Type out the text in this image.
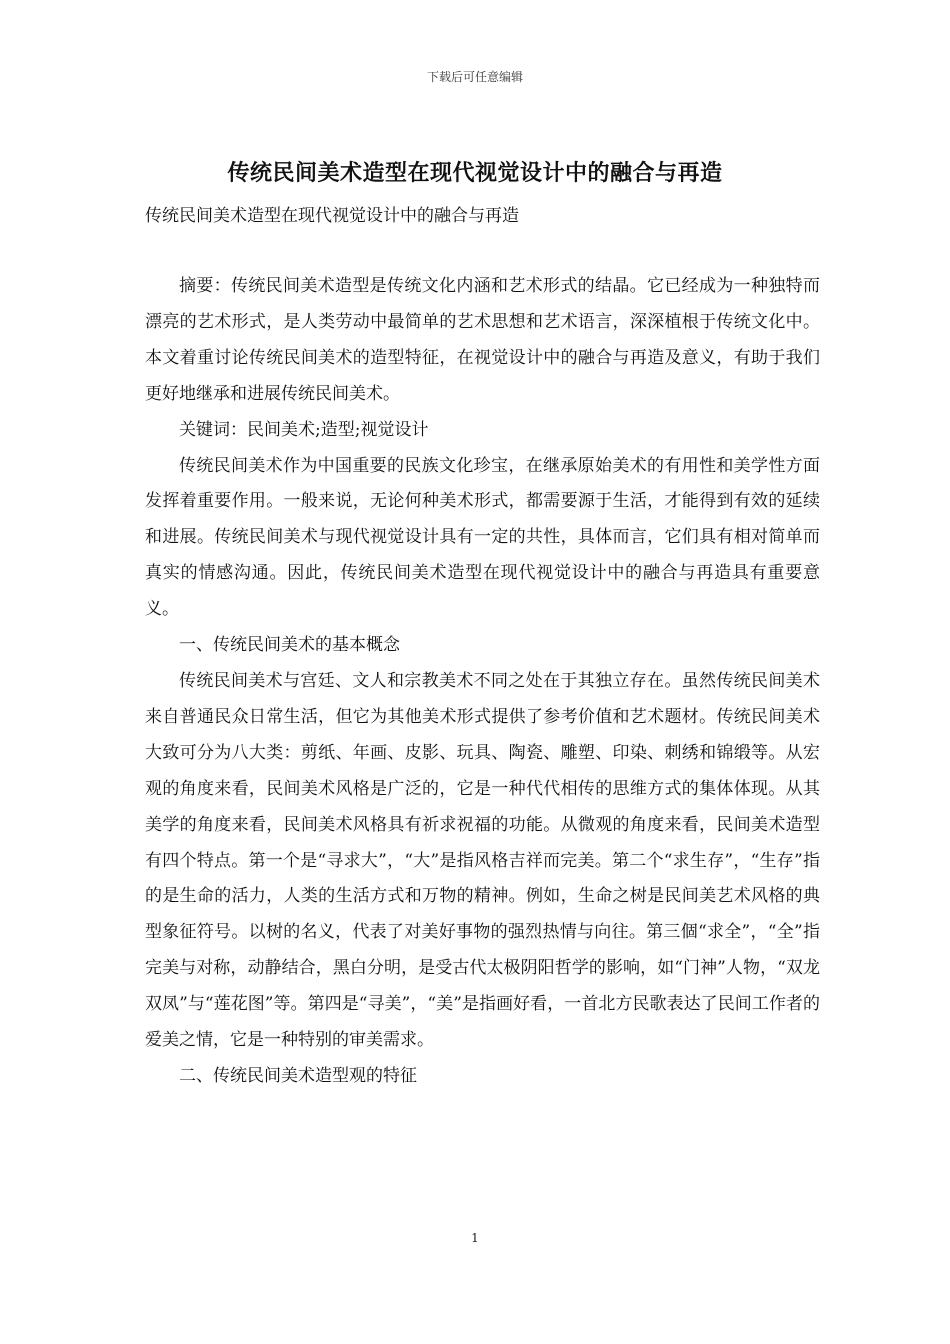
下载后可任意编辑
传统民间美术造型在现代视觉设计中的融合与再造
传统民间美术造型在现代视觉设计中的融合与再造

摘要：传统民间美术造型是传统文化内涵和艺术形式的结晶。它已经成为一种独特而漂亮的艺术形式，是人类劳动中最简单的艺术思想和艺术语言，深深植根于传统文化中。本文着重讨论传统民间美术的造型特征，在视觉设计中的融合与再造及意义，有助于我们更好地继承和进展传统民间美术。

关键词：民间美术;造型;视觉设计

传统民间美术作为中国重要的民族文化珍宝，在继承原始美术的有用性和美学性方面发挥着重要作用。一般来说，无论何种美术形式，都需要源于生活，才能得到有效的延续和进展。传统民间美术与现代视觉设计具有一定的共性，具体而言，它们具有相对简单而真实的情感沟通。因此，传统民间美术造型在现代视觉设计中的融合与再造具有重要意义。

一、传统民间美术的基本概念

传统民间美术与宫廷、文人和宗教美术不同之处在于其独立存在。虽然传统民间美术来自普通民众日常生活，但它为其他美术形式提供了参考价值和艺术题材。传统民间美术大致可分为八大类：剪纸、年画、皮影、玩具、陶瓷、雕塑、印染、刺绣和锦缎等。从宏观的角度来看，民间美术风格是广泛的，它是一种代代相传的思维方式的集体体现。从其美学的角度来看，民间美术风格具有祈求祝福的功能。从微观的角度来看，民间美术造型有四个特点。第一个是“寻求大”，“大”是指风格吉祥而完美。第二个“求生存”，“生存”指的是生命的活力，人类的生活方式和万物的精神。例如，生命之树是民间美艺术风格的典型象征符号。以树的名义，代表了对美好事物的强烈热情与向往。第三個“求全”，“全”指完美与对称，动静结合，黑白分明，是受古代太极阴阳哲学的影响，如“门神”人物，“双龙双凤”与“莲花图”等。第四是“寻美”，“美”是指画好看，一首北方民歌表达了民间工作者的爱美之情，它是一种特别的审美需求。

二、传统民间美术造型观的特征

1
